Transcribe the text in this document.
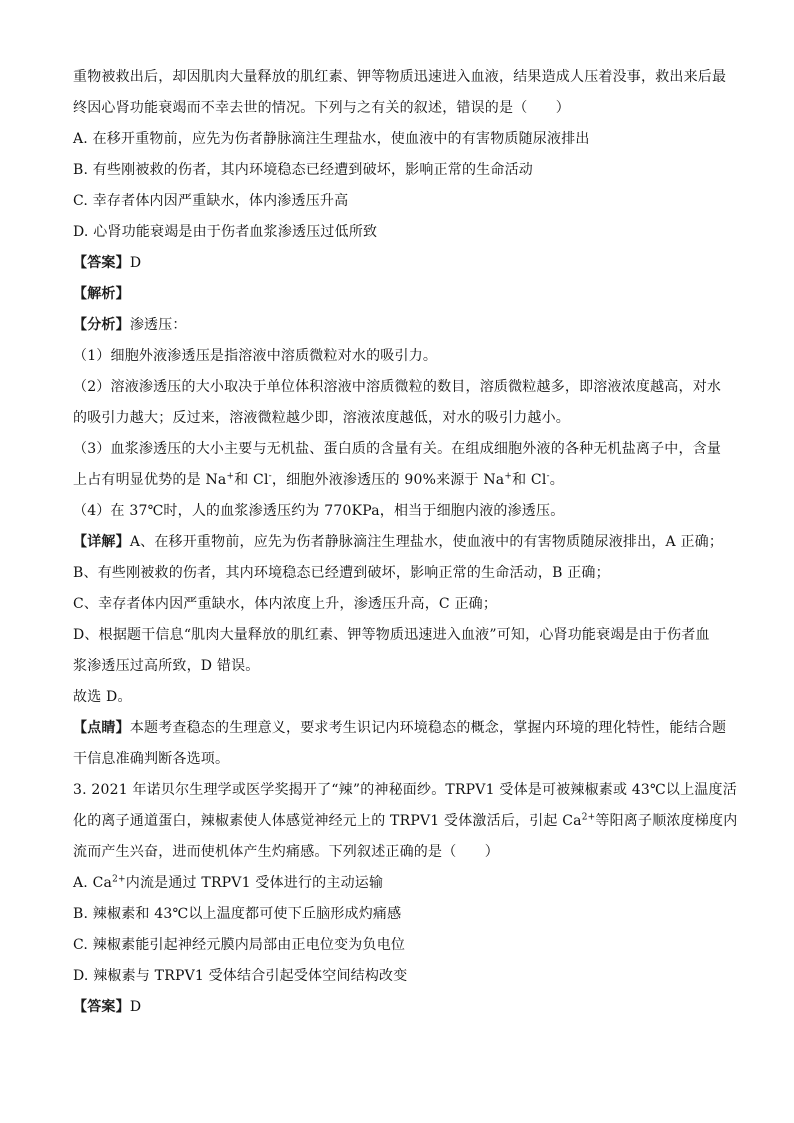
重物被救出后，却因肌肉大量释放的肌红素、钾等物质迅速进入血液，结果造成人压着没事，救出来后最
终因心肾功能衰竭而不幸去世的情况。下列与之有关的叙述，错误的是（　　）
A. 在移开重物前，应先为伤者静脉滴注生理盐水，使血液中的有害物质随尿液排出
B. 有些刚被救的伤者，其内环境稳态已经遭到破坏，影响正常的生命活动
C. 幸存者体内因严重缺水，体内渗透压升高
D. 心肾功能衰竭是由于伤者血浆渗透压过低所致
【答案】D
【解析】
【分析】渗透压：
（1）细胞外液渗透压是指溶液中溶质微粒对水的吸引力。
（2）溶液渗透压的大小取决于单位体积溶液中溶质微粒的数目，溶质微粒越多，即溶液浓度越高，对水
的吸引力越大；反过来，溶液微粒越少即，溶液浓度越低，对水的吸引力越小。
（3）血浆渗透压的大小主要与无机盐、蛋白质的含量有关。在组成细胞外液的各种无机盐离子中，含量
上占有明显优势的是 Na+和 Cl-，细胞外液渗透压的 90%来源于 Na+和 Cl-。
（4）在 37℃时，人的血浆渗透压约为 770KPa，相当于细胞内液的渗透压。
【详解】A、在移开重物前，应先为伤者静脉滴注生理盐水，使血液中的有害物质随尿液排出，A 正确；
B、有些刚被救的伤者，其内环境稳态已经遭到破坏，影响正常的生命活动，B 正确；
C、幸存者体内因严重缺水，体内浓度上升，渗透压升高，C 正确；
D、根据题干信息“肌肉大量释放的肌红素、钾等物质迅速进入血液”可知，心肾功能衰竭是由于伤者血
浆渗透压过高所致，D 错误。
故选 D。
【点睛】本题考查稳态的生理意义，要求考生识记内环境稳态的概念，掌握内环境的理化特性，能结合题
干信息准确判断各选项。
3. 2021 年诺贝尔生理学或医学奖揭开了“辣”的神秘面纱。TRPV1 受体是可被辣椒素或 43℃以上温度活
化的离子通道蛋白，辣椒素使人体感觉神经元上的 TRPV1 受体激活后，引起 $Ca^{2+}$等阳离子顺浓度梯度内
流而产生兴奋，进而使机体产生灼痛感。下列叙述正确的是（　　）
A. $Ca^{2+}$内流是通过 TRPV1 受体进行的主动运输
B. 辣椒素和 43℃以上温度都可使下丘脑形成灼痛感
C. 辣椒素能引起神经元膜内局部由正电位变为负电位
D. 辣椒素与 TRPV1 受体结合引起受体空间结构改变
【答案】D
